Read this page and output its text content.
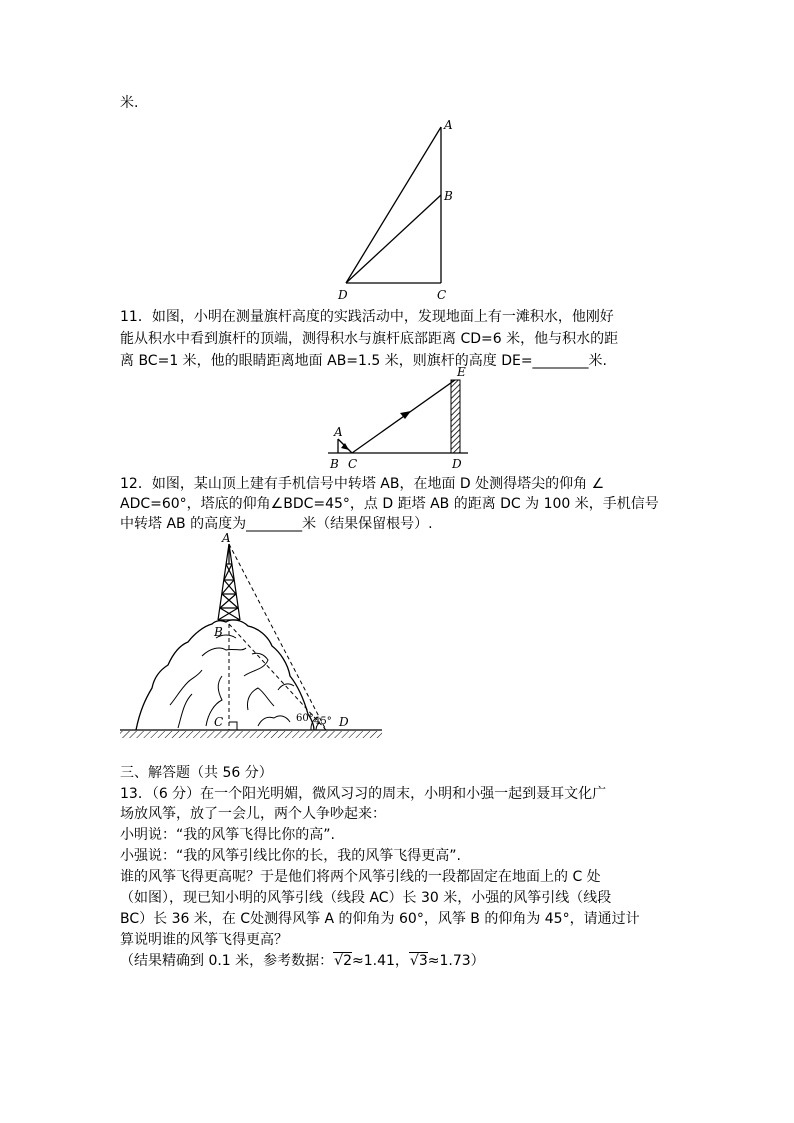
米.
A
B
C
D
11．如图，小明在测量旗杆高度的实践活动中，发现地面上有一滩积水，他刚好
能从积水中看到旗杆的顶端，测得积水与旗杆底部距离 CD=6 米，他与积水的距
离 BC=1 米，他的眼睛距离地面 AB=1.5 米，则旗杆的高度 DE=________米.
A
B C	D
E
12．如图，某山顶上建有手机信号中转塔 AB，在地面 D 处测得塔尖的仰角 ∠
ADC=60°，塔底的仰角∠BDC=45°，点 D 距塔 AB 的距离 DC 为 100 米，手机信号
中转塔 AB 的高度为________米（结果保留根号）.
A
B
C	D
60° 45°
三、解答题（共 56 分）
13．（6 分）在一个阳光明媚，微风习习的周末，小明和小强一起到聂耳文化广
场放风筝，放了一会儿，两个人争吵起来：
小明说：“我的风筝飞得比你的高”.
小强说：“我的风筝引线比你的长，我的风筝飞得更高”.
谁的风筝飞得更高呢？于是他们将两个风筝引线的一段都固定在地面上的 C 处
（如图），现已知小明的风筝引线（线段 AC）长 30 米，小强的风筝引线（线段
BC）长 36 米，在 C处测得风筝 A 的仰角为 60°，风筝 B 的仰角为 45°，请通过计
算说明谁的风筝飞得更高？
（结果精确到 0.1 米，参考数据：√2≈1.41，√3≈1.73）
